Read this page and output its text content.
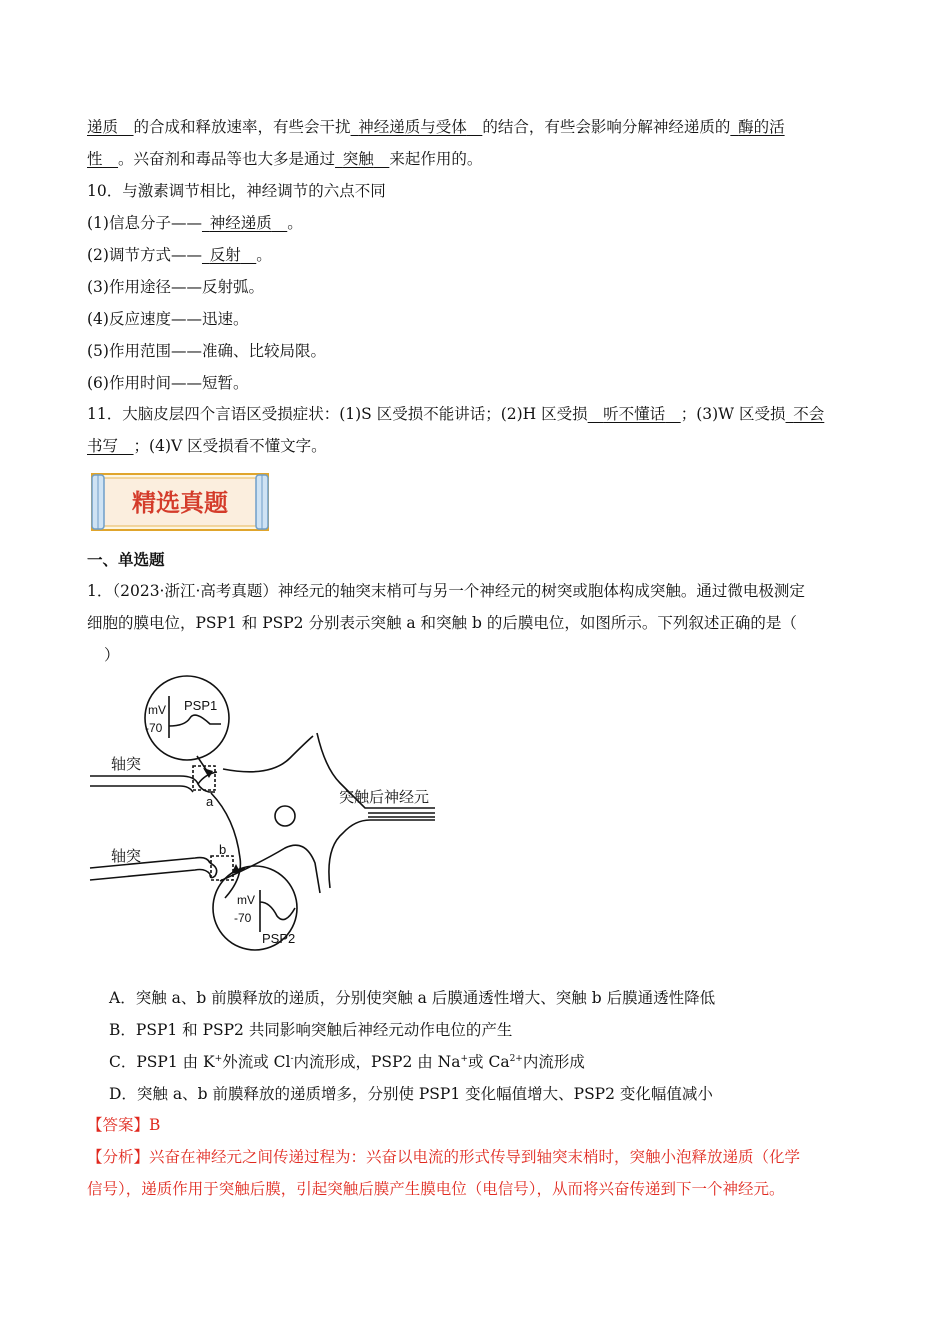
递质　 的合成和释放速率，有些会干扰  神经递质与受体　 的结合，有些会影响分解神经递质的  酶的活
性　 。兴奋剂和毒品等也大多是通过  突触　 来起作用的。
10．与激素调节相比，神经调节的六点不同
(1)信息分子——  神经递质　 。
(2)调节方式——  反射　 。
(3)作用途径——反射弧。
(4)反应速度——迅速。
(5)作用范围——准确、比较局限。
(6)作用时间——短暂。
11．大脑皮层四个言语区受损症状：(1)S 区受损不能讲话；(2)H 区受损　 听不懂话　 ；(3)W 区受损  不会
书写　 ；(4)V 区受损看不懂文字。
精选真题
一、单选题
1．（2023·浙江·高考真题）神经元的轴突末梢可与另一个神经元的树突或胞体构成突触。通过微电极测定
细胞的膜电位，PSP1 和 PSP2 分别表示突触 a 和突触 b 的后膜电位，如图所示。下列叙述正确的是（
）
mV
-70
PSP1
mV
-70
PSP2
轴突
轴突
a
b
突触后神经元
A．突触 a、b 前膜释放的递质，分别使突触 a 后膜通透性增大、突触 b 后膜通透性降低
B．PSP1 和 PSP2 共同影响突触后神经元动作电位的产生
C．PSP1 由 K+外流或 Cl-内流形成，PSP2 由 Na+或 $Ca^{2+}$内流形成
D．突触 a、b 前膜释放的递质增多，分别使 PSP1 变化幅值增大、PSP2 变化幅值减小
【答案】B
【分析】兴奋在神经元之间传递过程为：兴奋以电流的形式传导到轴突末梢时，突触小泡释放递质（化学
信号），递质作用于突触后膜，引起突触后膜产生膜电位（电信号），从而将兴奋传递到下一个神经元。
